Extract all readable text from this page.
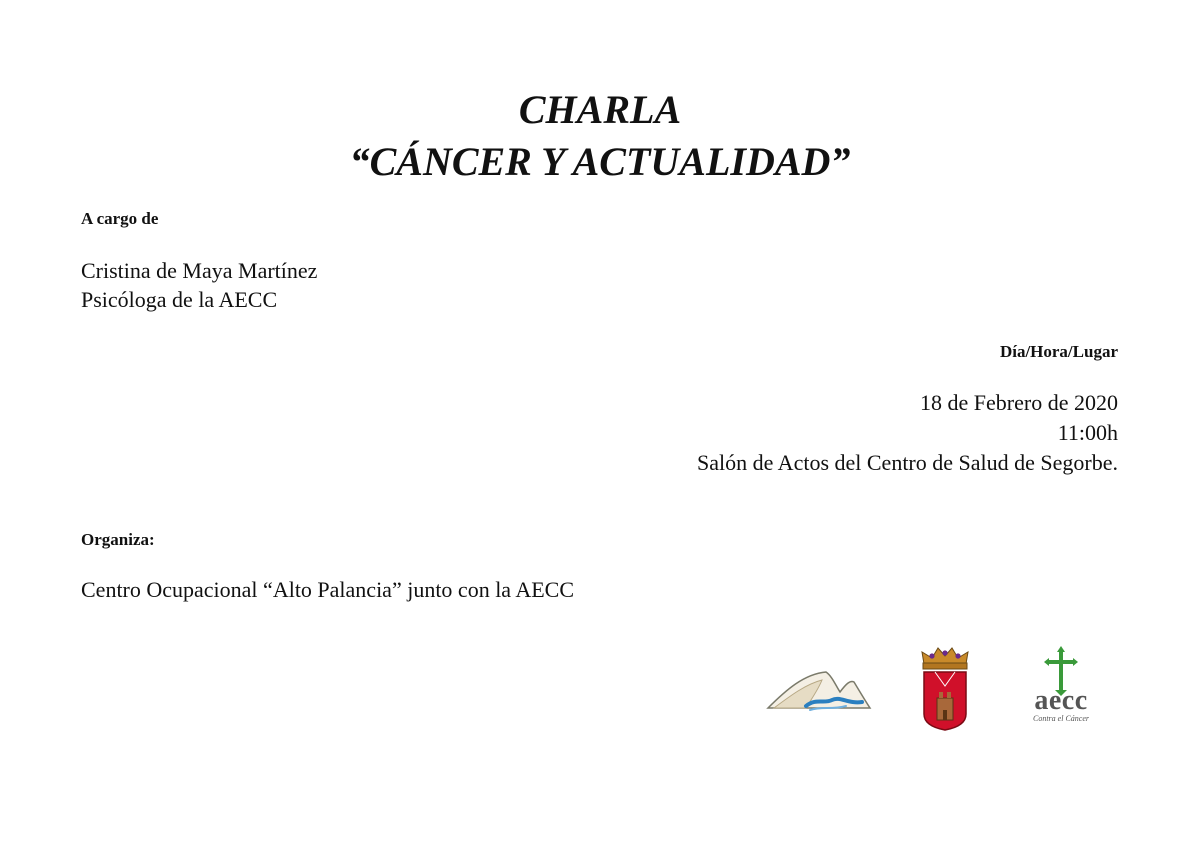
CHARLA
“CÁNCER Y ACTUALIDAD”
A cargo de
Cristina de Maya Martínez
Psicóloga de la AECC
Día/Hora/Lugar
18 de Febrero de 2020
11:00h
Salón de Actos del Centro de Salud de Segorbe.
Organiza:
Centro Ocupacional “Alto Palancia” junto con la AECC
aecc
Contra el Cáncer
